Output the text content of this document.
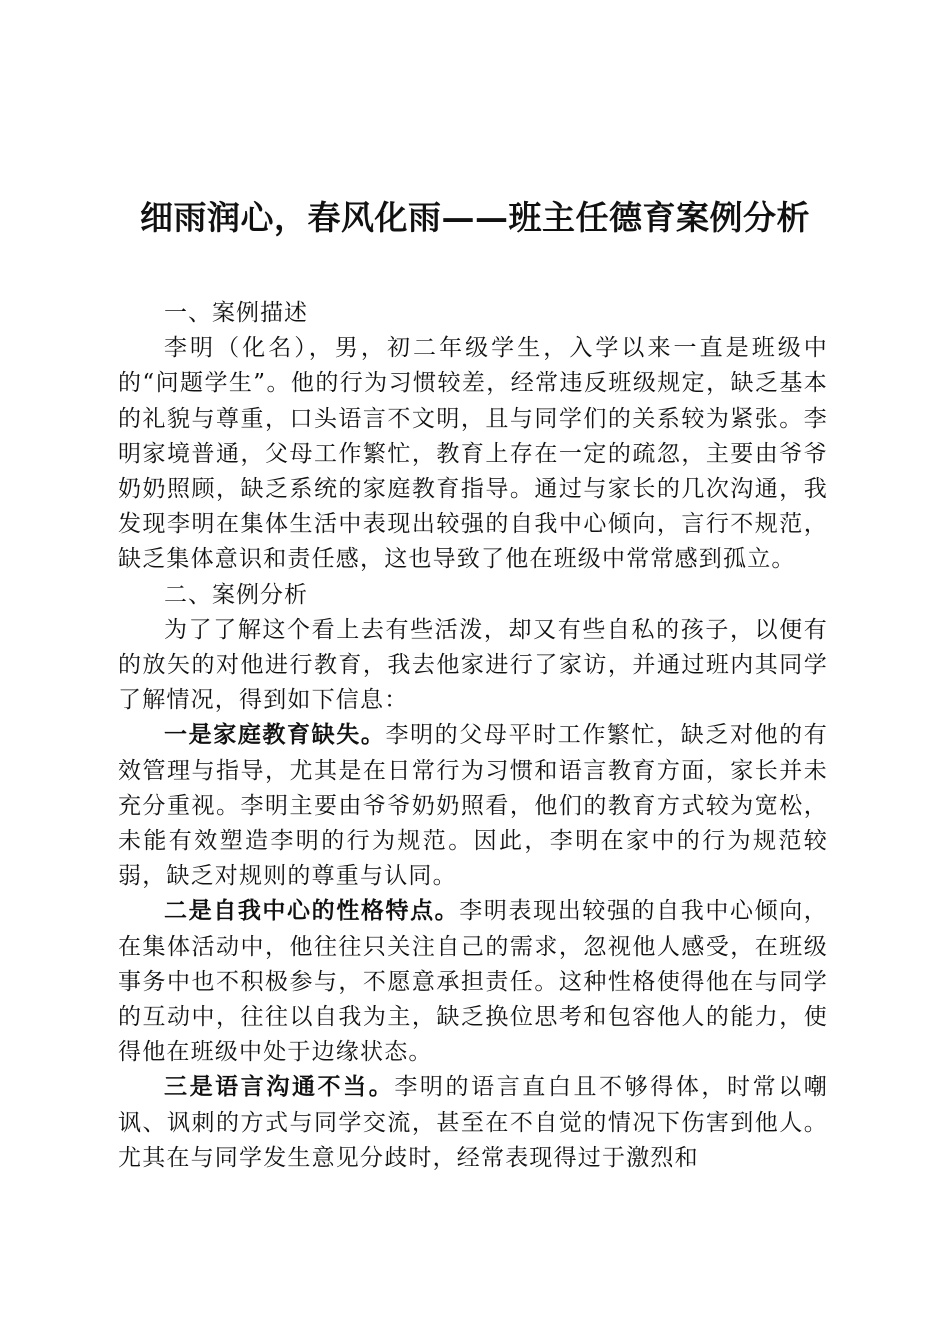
细雨润心，春风化雨——班主任德育案例分析

一、案例描述

李明（化名），男，初二年级学生，入学以来一直是班级中的“问题学生”。他的行为习惯较差，经常违反班级规定，缺乏基本的礼貌与尊重，口头语言不文明，且与同学们的关系较为紧张。李明家境普通，父母工作繁忙，教育上存在一定的疏忽，主要由爷爷奶奶照顾，缺乏系统的家庭教育指导。通过与家长的几次沟通，我发现李明在集体生活中表现出较强的自我中心倾向，言行不规范，缺乏集体意识和责任感，这也导致了他在班级中常常感到孤立。

二、案例分析

为了了解这个看上去有些活泼，却又有些自私的孩子，以便有的放矢的对他进行教育，我去他家进行了家访，并通过班内其同学了解情况，得到如下信息：

一是家庭教育缺失。李明的父母平时工作繁忙，缺乏对他的有效管理与指导，尤其是在日常行为习惯和语言教育方面，家长并未充分重视。李明主要由爷爷奶奶照看，他们的教育方式较为宽松，未能有效塑造李明的行为规范。因此，李明在家中的行为规范较弱，缺乏对规则的尊重与认同。

二是自我中心的性格特点。李明表现出较强的自我中心倾向，在集体活动中，他往往只关注自己的需求，忽视他人感受，在班级事务中也不积极参与，不愿意承担责任。这种性格使得他在与同学的互动中，往往以自我为主，缺乏换位思考和包容他人的能力，使得他在班级中处于边缘状态。

三是语言沟通不当。李明的语言直白且不够得体，时常以嘲讽、讽刺的方式与同学交流，甚至在不自觉的情况下伤害到他人。尤其在与同学发生意见分歧时，经常表现得过于激烈和
